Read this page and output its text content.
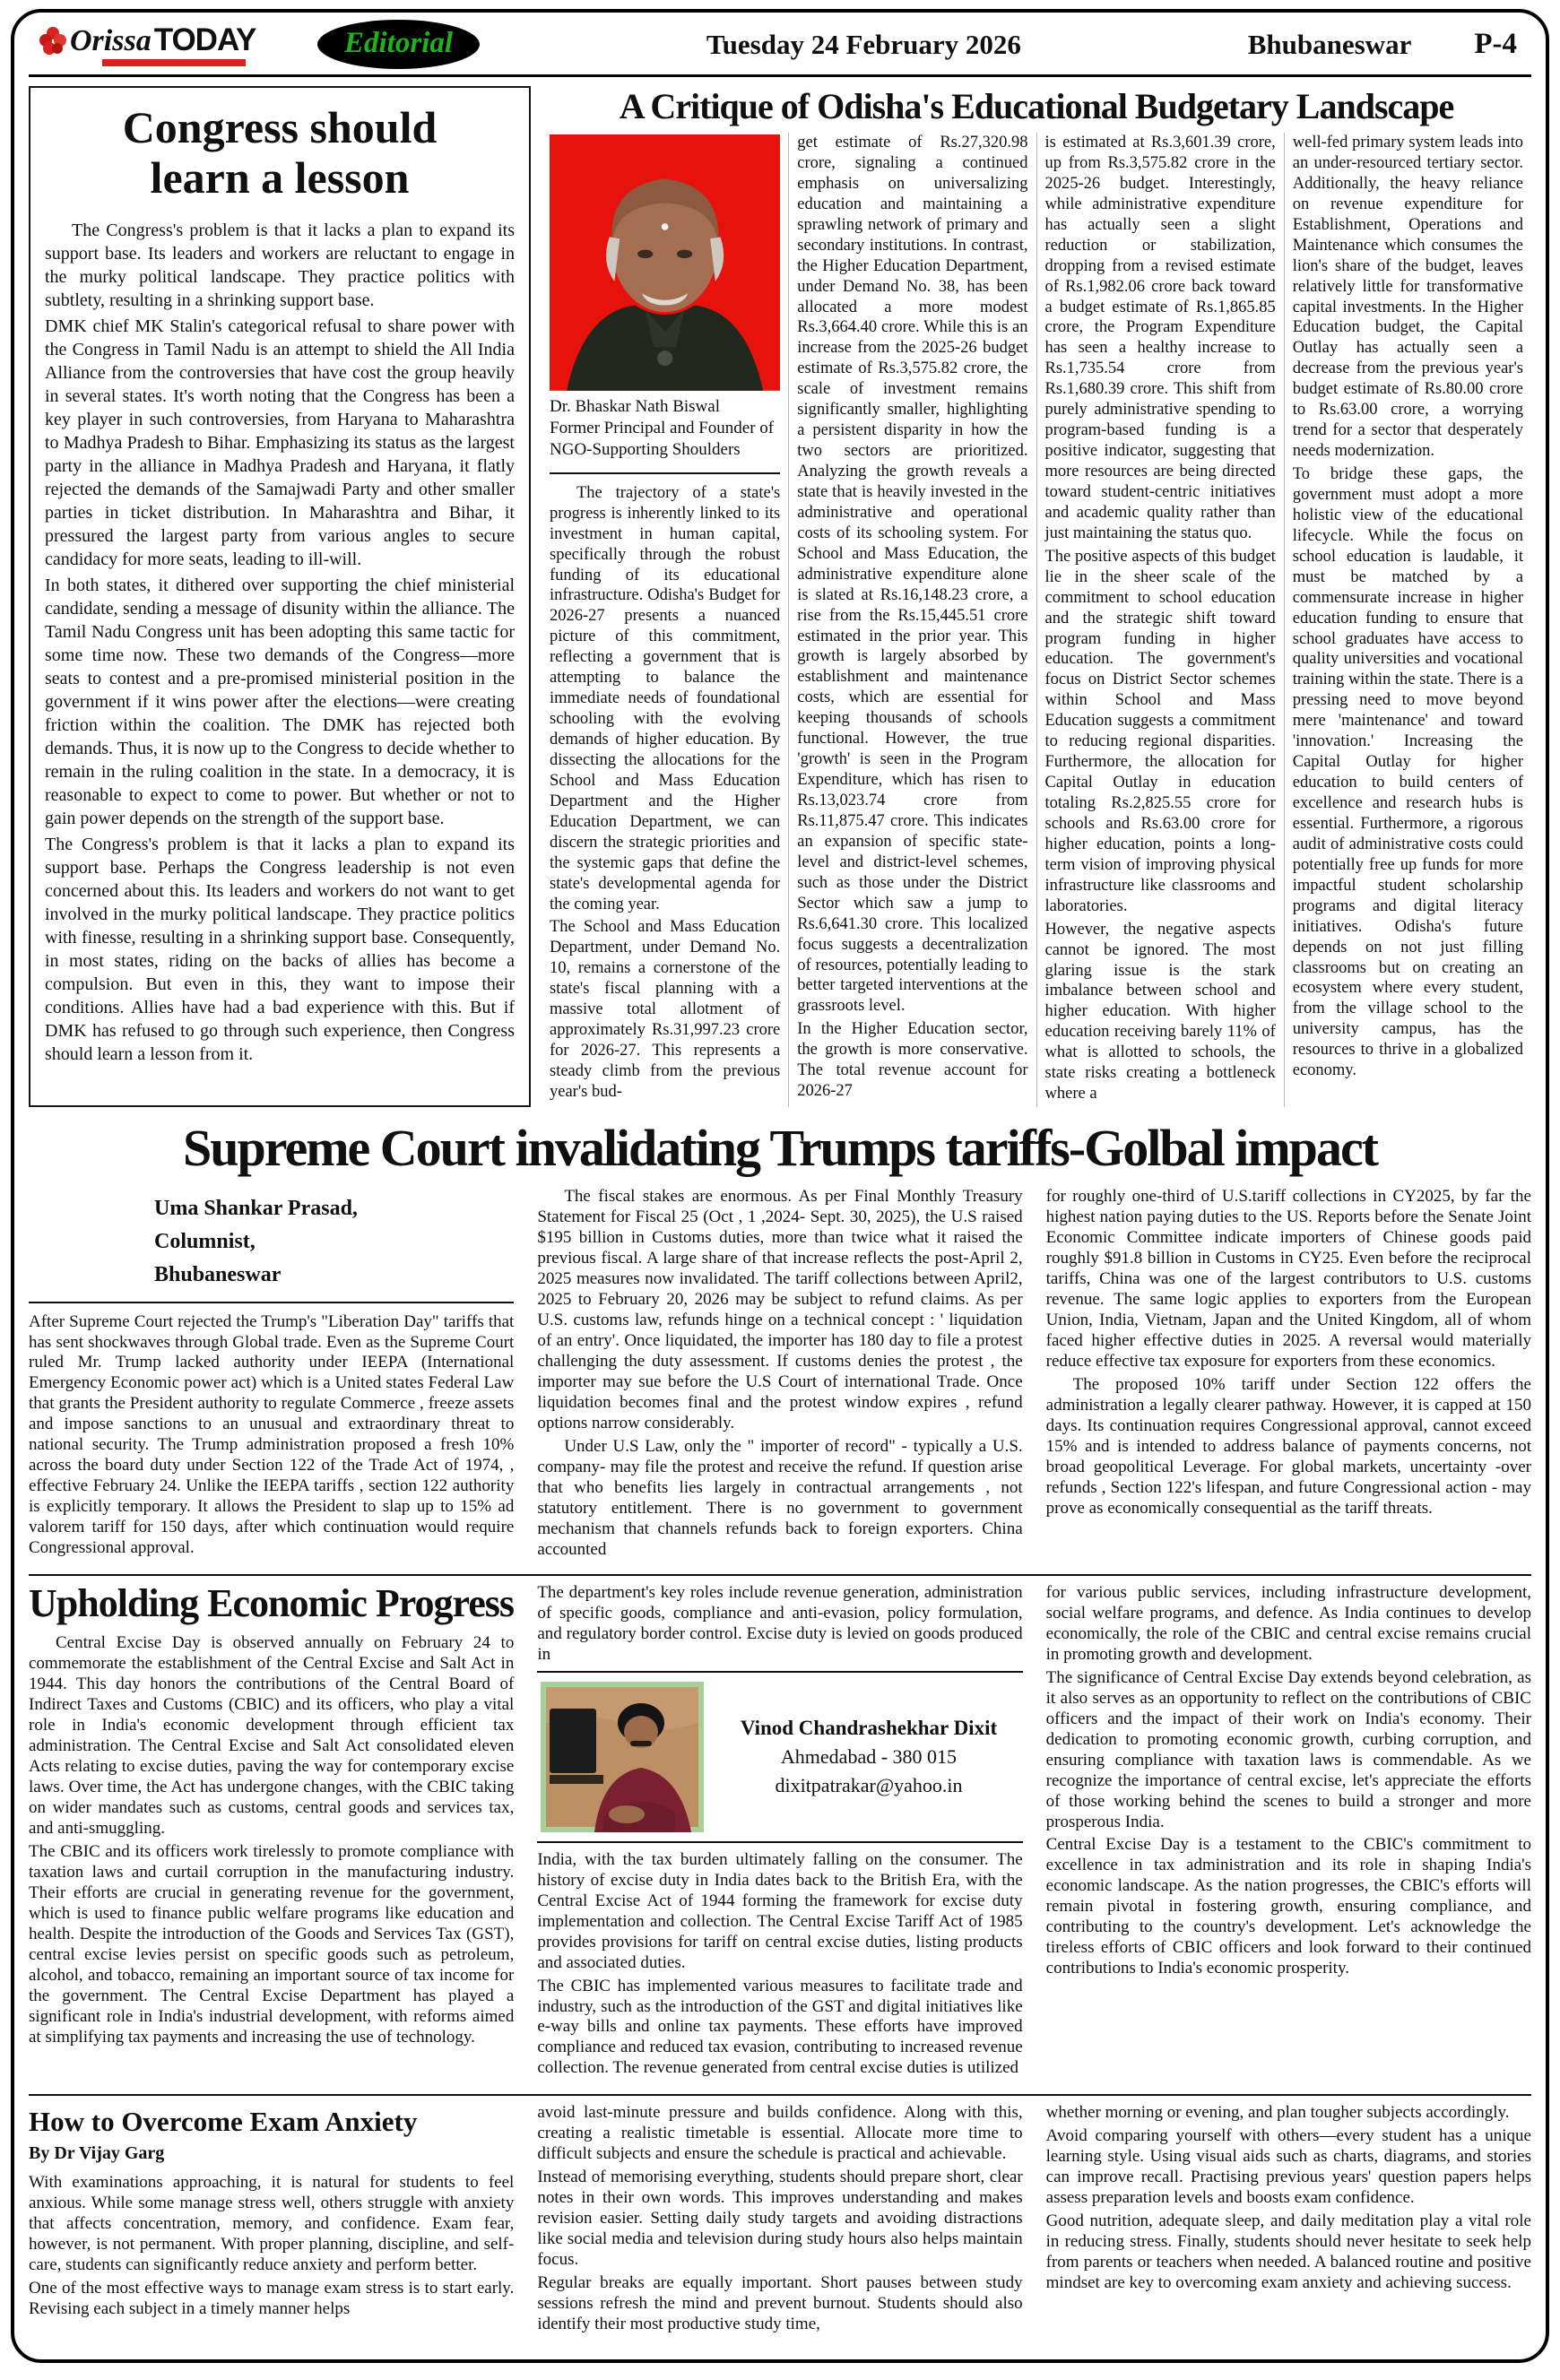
Orissa TODAY	Editorial	Tuesday 24 February 2026	Bhubaneswar P-4
Congress should
learn a lesson

The Congress's problem is that it lacks a plan to expand its support base. Its leaders and workers are reluctant to engage in the murky political landscape. They practice politics with subtlety, resulting in a shrinking support base.

DMK chief MK Stalin's categorical refusal to share power with the Congress in Tamil Nadu is an attempt to shield the All India Alliance from the controversies that have cost the group heavily in several states. It's worth noting that the Congress has been a key player in such controversies, from Haryana to Maharashtra to Madhya Pradesh to Bihar. Emphasizing its status as the largest party in the alliance in Madhya Pradesh and Haryana, it flatly rejected the demands of the Samajwadi Party and other smaller parties in ticket distribution. In Maharashtra and Bihar, it pressured the largest party from various angles to secure candidacy for more seats, leading to ill-will.

In both states, it dithered over supporting the chief ministerial candidate, sending a message of disunity within the alliance. The Tamil Nadu Congress unit has been adopting this same tactic for some time now. These two demands of the Congress—more seats to contest and a pre-promised ministerial position in the government if it wins power after the elections—were creating friction within the coalition. The DMK has rejected both demands. Thus, it is now up to the Congress to decide whether to remain in the ruling coalition in the state. In a democracy, it is reasonable to expect to come to power. But whether or not to gain power depends on the strength of the support base.

The Congress's problem is that it lacks a plan to expand its support base. Perhaps the Congress leadership is not even concerned about this. Its leaders and workers do not want to get involved in the murky political landscape. They practice politics with finesse, resulting in a shrinking support base. Consequently, in most states, riding on the backs of allies has become a compulsion. But even in this, they want to impose their conditions. Allies have had a bad experience with this. But if DMK has refused to go through such experience, then Congress should learn a lesson from it.

A Critique of Odisha's Educational Budgetary Landscape

Dr. Bhaskar Nath Biswal

Former Principal and Founder of

NGO-Supporting Shoulders

The trajectory of a state's progress is inherently linked to its investment in human capital, specifically through the robust funding of its educational infrastructure. Odisha's Budget for 2026-27 presents a nuanced picture of this commitment, reflecting a government that is attempting to balance the immediate needs of foundational schooling with the evolving demands of higher education. By dissecting the allocations for the School and Mass Education Department and the Higher Education Department, we can discern the strategic priorities and the systemic gaps that define the state's developmental agenda for the coming year.

The School and Mass Education Department, under Demand No. 10, remains a cornerstone of the state's fiscal planning with a massive total allotment of approximately Rs.31,997.23 crore for 2026-27. This represents a steady climb from the previous year's bud-

get estimate of Rs.27,320.98 crore, signaling a continued emphasis on universalizing education and maintaining a sprawling network of primary and secondary institutions. In contrast, the Higher Education Department, under Demand No. 38, has been allocated a more modest Rs.3,664.40 crore. While this is an increase from the 2025-26 budget estimate of Rs.3,575.82 crore, the scale of investment remains significantly smaller, highlighting a persistent disparity in how the two sectors are prioritized. Analyzing the growth reveals a state that is heavily invested in the administrative and operational costs of its schooling system. For School and Mass Education, the administrative expenditure alone is slated at Rs.16,148.23 crore, a rise from the Rs.15,445.51 crore estimated in the prior year. This growth is largely absorbed by establishment and maintenance costs, which are essential for keeping thousands of schools functional. However, the true 'growth' is seen in the Program Expenditure, which has risen to Rs.13,023.74 crore from Rs.11,875.47 crore. This indicates an expansion of specific state-level and district-level schemes, such as those under the District Sector which saw a jump to Rs.6,641.30 crore. This localized focus suggests a decentralization of resources, potentially leading to better targeted interventions at the grassroots level.

In the Higher Education sector, the growth is more conservative. The total revenue account for 2026-27

is estimated at Rs.3,601.39 crore, up from Rs.3,575.82 crore in the 2025-26 budget. Interestingly, while administrative expenditure has actually seen a slight reduction or stabilization, dropping from a revised estimate of Rs.1,982.06 crore back toward a budget estimate of Rs.1,865.85 crore, the Program Expenditure has seen a healthy increase to Rs.1,735.54 crore from Rs.1,680.39 crore. This shift from purely administrative spending to program-based funding is a positive indicator, suggesting that more resources are being directed toward student-centric initiatives and academic quality rather than just maintaining the status quo.

The positive aspects of this budget lie in the sheer scale of the commitment to school education and the strategic shift toward program funding in higher education. The government's focus on District Sector schemes within School and Mass Education suggests a commitment to reducing regional disparities. Furthermore, the allocation for Capital Outlay in education totaling Rs.2,825.55 crore for schools and Rs.63.00 crore for higher education, points a long-term vision of improving physical infrastructure like classrooms and laboratories.

However, the negative aspects cannot be ignored. The most glaring issue is the stark imbalance between school and higher education. With higher education receiving barely 11% of what is allotted to schools, the state risks creating a bottleneck where a

well-fed primary system leads into an under-resourced tertiary sector. Additionally, the heavy reliance on revenue expenditure for Establishment, Operations and Maintenance which consumes the lion's share of the budget, leaves relatively little for transformative capital investments. In the Higher Education budget, the Capital Outlay has actually seen a decrease from the previous year's budget estimate of Rs.80.00 crore to Rs.63.00 crore, a worrying trend for a sector that desperately needs modernization.

To bridge these gaps, the government must adopt a more holistic view of the educational lifecycle. While the focus on school education is laudable, it must be matched by a commensurate increase in higher education funding to ensure that school graduates have access to quality universities and vocational training within the state. There is a pressing need to move beyond mere 'maintenance' and toward 'innovation.' Increasing the Capital Outlay for higher education to build centers of excellence and research hubs is essential. Furthermore, a rigorous audit of administrative costs could potentially free up funds for more impactful student scholarship programs and digital literacy initiatives. Odisha's future depends on not just filling classrooms but on creating an ecosystem where every student, from the village school to the university campus, has the resources to thrive in a globalized economy.

Supreme Court invalidating Trumps tariffs-Golbal impact
Uma Shankar Prasad,
Columnist,
Bhubaneswar

After Supreme Court rejected the Trump's "Liberation Day" tariffs that has sent shockwaves through Global trade. Even as the Supreme Court ruled Mr. Trump lacked authority under IEEPA (International Emergency Economic power act) which is a United states Federal Law that grants the President authority to regulate Commerce , freeze assets and impose sanctions to an unusual and extraordinary threat to national security. The Trump administration proposed a fresh 10% across the board duty under Section 122 of the Trade Act of 1974, , effective February 24. Unlike the IEEPA tariffs , section 122 authority is explicitly temporary. It allows the President to slap up to 15% ad valorem tariff for 150 days, after which continuation would require Congressional approval.

The fiscal stakes are enormous. As per Final Monthly Treasury Statement for Fiscal 25 (Oct , 1 ,2024- Sept. 30, 2025), the U.S raised $195 billion in Customs duties, more than twice what it raised the previous fiscal. A large share of that increase reflects the post-April 2, 2025 measures now invalidated. The tariff collections between April2, 2025 to February 20, 2026 may be subject to refund claims. As per U.S. customs law, refunds hinge on a technical concept : ' liquidation of an entry'. Once liquidated, the importer has 180 day to file a protest challenging the duty assessment. If customs denies the protest , the importer may sue before the U.S Court of international Trade. Once liquidation becomes final and the protest window expires , refund options narrow considerably.

Under U.S Law, only the " importer of record" - typically a U.S. company- may file the protest and receive the refund. If question arise that who benefits lies largely in contractual arrangements , not statutory entitlement. There is no government to government mechanism that channels refunds back to foreign exporters. China accounted

for roughly one-third of U.S.tariff collections in CY2025, by far the highest nation paying duties to the US. Reports before the Senate Joint Economic Committee indicate importers of Chinese goods paid roughly $91.8 billion in Customs in CY25. Even before the reciprocal tariffs, China was one of the largest contributors to U.S. customs revenue. The same logic applies to exporters from the European Union, India, Vietnam, Japan and the United Kingdom, all of whom faced higher effective duties in 2025. A reversal would materially reduce effective tax exposure for exporters from these economics.

The proposed 10% tariff under Section 122 offers the administration a legally clearer pathway. However, it is capped at 150 days. Its continuation requires Congressional approval, cannot exceed 15% and is intended to address balance of payments concerns, not broad geopolitical Leverage. For global markets, uncertainty -over refunds , Section 122's lifespan, and future Congressional action - may prove as economically consequential as the tariff threats.

Upholding Economic Progress

Central Excise Day is observed annually on February 24 to commemorate the establishment of the Central Excise and Salt Act in 1944. This day honors the contributions of the Central Board of Indirect Taxes and Customs (CBIC) and its officers, who play a vital role in India's economic development through efficient tax administration. The Central Excise and Salt Act consolidated eleven Acts relating to excise duties, paving the way for contemporary excise laws. Over time, the Act has undergone changes, with the CBIC taking on wider mandates such as customs, central goods and services tax, and anti-smuggling.

The CBIC and its officers work tirelessly to promote compliance with taxation laws and curtail corruption in the manufacturing industry. Their efforts are crucial in generating revenue for the government, which is used to finance public welfare programs like education and health. Despite the introduction of the Goods and Services Tax (GST), central excise levies persist on specific goods such as petroleum, alcohol, and tobacco, remaining an important source of tax income for the government. The Central Excise Department has played a significant role in India's industrial development, with reforms aimed at simplifying tax payments and increasing the use of technology.

The department's key roles include revenue generation, administration of specific goods, compliance and anti-evasion, policy formulation, and regulatory border control. Excise duty is levied on goods produced in

Vinod Chandrashekhar Dixit
Ahmedabad - 380 015
dixitpatrakar@yahoo.in

India, with the tax burden ultimately falling on the consumer. The history of excise duty in India dates back to the British Era, with the Central Excise Act of 1944 forming the framework for excise duty implementation and collection. The Central Excise Tariff Act of 1985 provides provisions for tariff on central excise duties, listing products and associated duties.

The CBIC has implemented various measures to facilitate trade and industry, such as the introduction of the GST and digital initiatives like e-way bills and online tax payments. These efforts have improved compliance and reduced tax evasion, contributing to increased revenue collection. The revenue generated from central excise duties is utilized

for various public services, including infrastructure development, social welfare programs, and defence. As India continues to develop economically, the role of the CBIC and central excise remains crucial in promoting growth and development.

The significance of Central Excise Day extends beyond celebration, as it also serves as an opportunity to reflect on the contributions of CBIC officers and the impact of their work on India's economy. Their dedication to promoting economic growth, curbing corruption, and ensuring compliance with taxation laws is commendable. As we recognize the importance of central excise, let's appreciate the efforts of those working behind the scenes to build a stronger and more prosperous India.

Central Excise Day is a testament to the CBIC's commitment to excellence in tax administration and its role in shaping India's economic landscape. As the nation progresses, the CBIC's efforts will remain pivotal in fostering growth, ensuring compliance, and contributing to the country's development. Let's acknowledge the tireless efforts of CBIC officers and look forward to their continued contributions to India's economic prosperity.

How to Overcome Exam Anxiety
By Dr Vijay Garg

With examinations approaching, it is natural for students to feel anxious. While some manage stress well, others struggle with anxiety that affects concentration, memory, and confidence. Exam fear, however, is not permanent. With proper planning, discipline, and self-care, students can significantly reduce anxiety and perform better.

One of the most effective ways to manage exam stress is to start early. Revising each subject in a timely manner helps

avoid last-minute pressure and builds confidence. Along with this, creating a realistic timetable is essential. Allocate more time to difficult subjects and ensure the schedule is practical and achievable.

Instead of memorising everything, students should prepare short, clear notes in their own words. This improves understanding and makes revision easier. Setting daily study targets and avoiding distractions like social media and television during study hours also helps maintain focus.

Regular breaks are equally important. Short pauses between study sessions refresh the mind and prevent burnout. Students should also identify their most productive study time,

whether morning or evening, and plan tougher subjects accordingly.

Avoid comparing yourself with others—every student has a unique learning style. Using visual aids such as charts, diagrams, and stories can improve recall. Practising previous years' question papers helps assess preparation levels and boosts exam confidence.

Good nutrition, adequate sleep, and daily meditation play a vital role in reducing stress. Finally, students should never hesitate to seek help from parents or teachers when needed. A balanced routine and positive mindset are key to overcoming exam anxiety and achieving success.
